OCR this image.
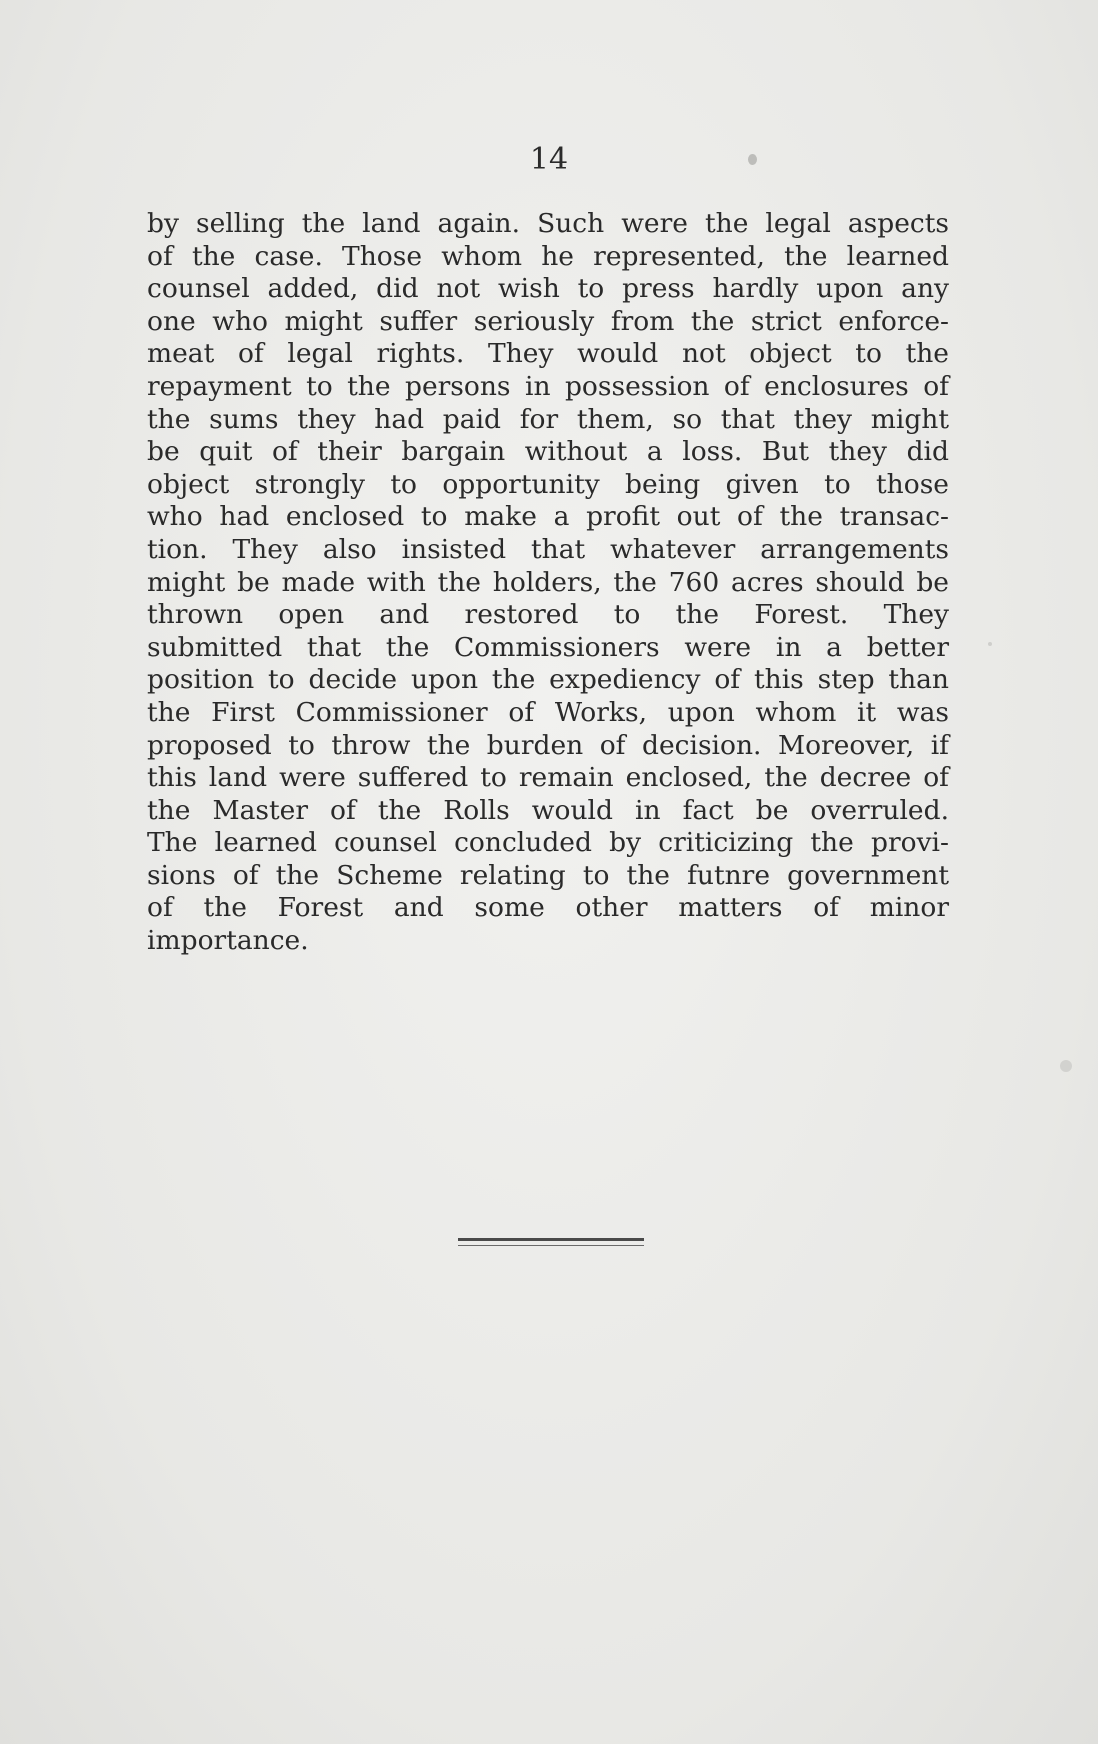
14
by selling the land again. Such were the legal aspects
of the case. Those whom he represented, the learned
counsel added, did not wish to press hardly upon any
one who might suffer seriously from the strict enforce-
meat of legal rights. They would not object to the
repayment to the persons in possession of enclosures of
the sums they had paid for them, so that they might
be quit of their bargain without a loss. But they did
object strongly to opportunity being given to those
who had enclosed to make a profit out of the transac-
tion. They also insisted that whatever arrangements
might be made with the holders, the 760 acres should be
thrown open and restored to the Forest. They
submitted that the Commissioners were in a better
position to decide upon the expediency of this step than
the First Commissioner of Works, upon whom it was
proposed to throw the burden of decision. Moreover, if
this land were suffered to remain enclosed, the decree of
the Master of the Rolls would in fact be overruled.
The learned counsel concluded by criticizing the provi-
sions of the Scheme relating to the futnre government
of the Forest and some other matters of minor
importance.
